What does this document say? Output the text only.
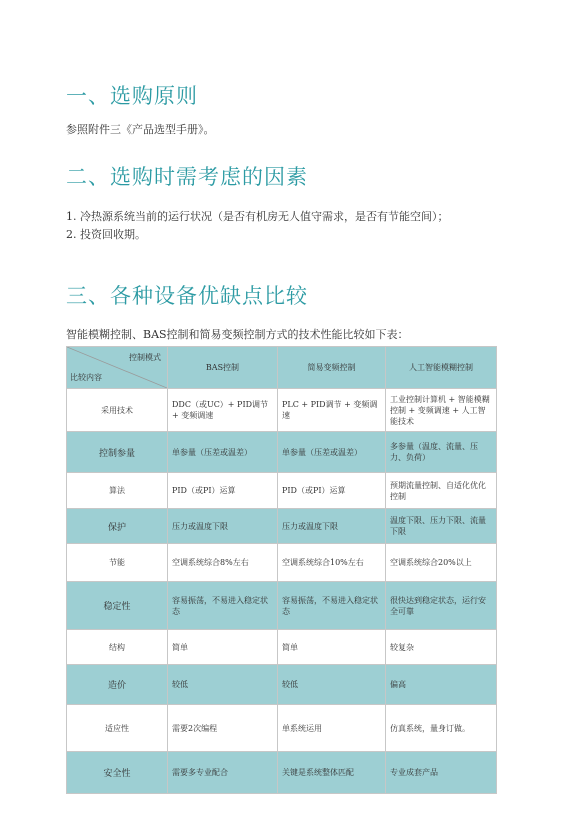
一、选购原则
参照附件三《产品选型手册》。
二、选购时需考虑的因素
1. 冷热源系统当前的运行状况（是否有机房无人值守需求，是否有节能空间）；
2. 投资回收期。
三、各种设备优缺点比较
智能模糊控制、BAS控制和简易变频控制方式的技术性能比较如下表：
控制模式
比较内容	BAS控制	简易变频控制	人工智能模糊控制
采用技术	DDC（或UC）+ PID调节 + 变频调速	PLC + PID调节 + 变频调速	工业控制计算机 + 智能模糊控制 + 变频调速 + 人工智能技术
控制参量	单参量（压差或温差）	单参量（压差或温差）	多参量（温度、流量、压力、负荷）
算法	PID（或PI）运算	PID（或PI）运算	预期流量控制、自适化优化控制
保护	压力或温度下限	压力或温度下限	温度下限、压力下限、流量下限
节能	空调系统综合8%左右	空调系统综合10%左右	空调系统综合20%以上
稳定性	容易振荡，不易进入稳定状态	容易振荡，不易进入稳定状态	很快达到稳定状态，运行安全可靠
结构	简单	简单	较复杂
造价	较低	较低	偏高
适应性	需要2次编程	单系统运用	仿真系统，量身订做。
安全性	需要多专业配合	关键是系统整体匹配	专业成套产品
